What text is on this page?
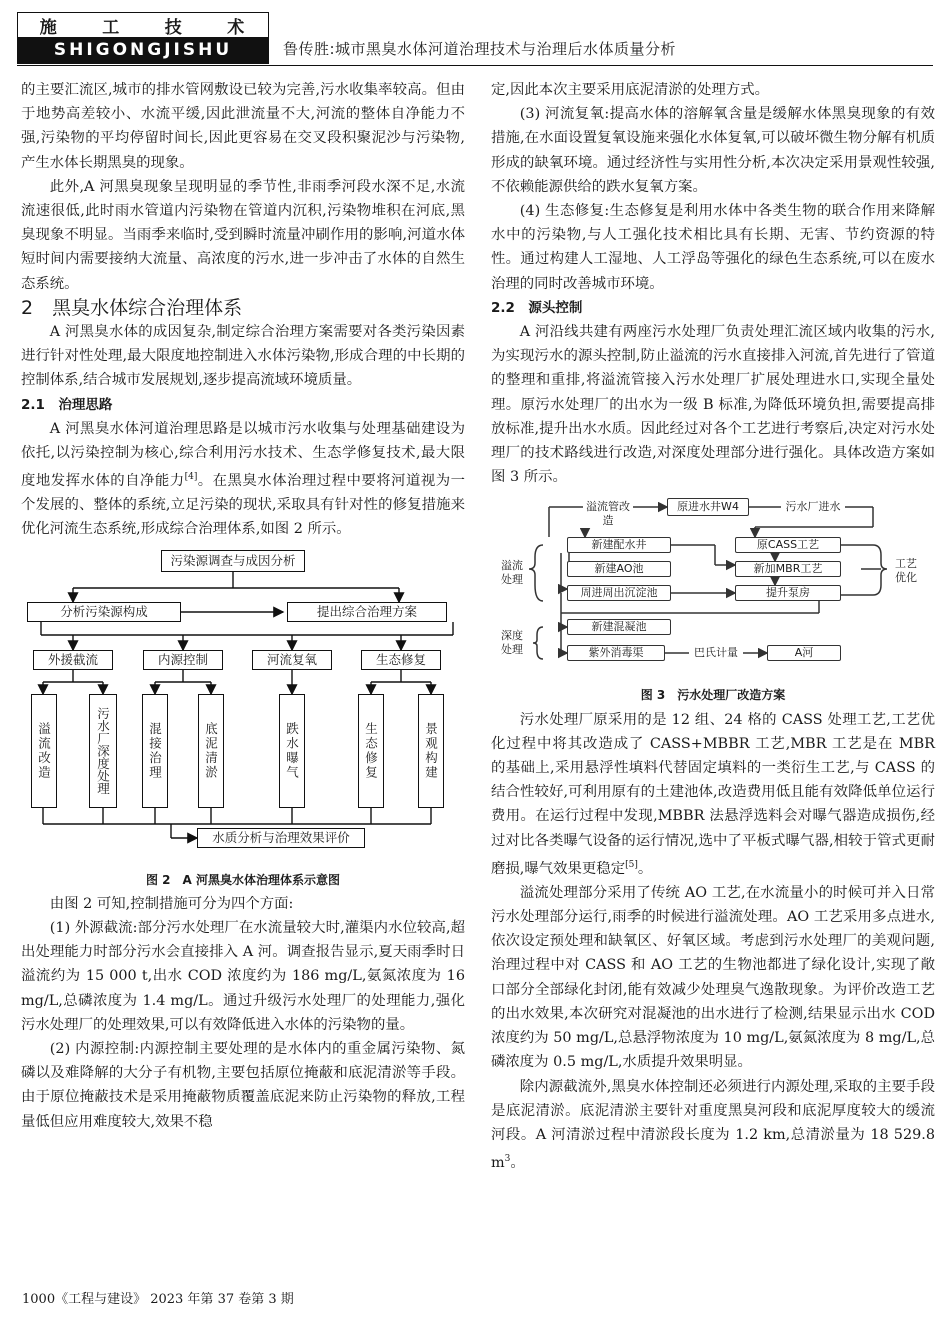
施	工	技	术
SHIGONGJISHU	鲁传胜:城市黑臭水体河道治理技术与治理后水体质量分析

的主要汇流区,城市的排水管网敷设已较为完善,污水收集率较高。但由于地势高差较小、水流平缓,因此泄流量不大,河流的整体自净能力不强,污染物的平均停留时间长,因此更容易在交叉段积聚泥沙与污染物,产生水体长期黑臭的现象。

此外,A 河黑臭现象呈现明显的季节性,非雨季河段水深不足,水流流速很低,此时雨水管道内污染物在管道内沉积,污染物堆积在河底,黑臭现象不明显。当雨季来临时,受到瞬时流量冲刷作用的影响,河道水体短时间内需要接纳大流量、高浓度的污水,进一步冲击了水体的自然生态系统。

2　黑臭水体综合治理体系

A 河黑臭水体的成因复杂,制定综合治理方案需要对各类污染因素进行针对性处理,最大限度地控制进入水体污染物,形成合理的中长期的控制体系,结合城市发展规划,逐步提高流域环境质量。

2.1　治理思路

A 河黑臭水体河道治理思路是以城市污水收集与处理基础建设为依托,以污染控制为核心,综合利用污水技术、生态学修复技术,最大限度地发挥水体的自净能力[4]。在黑臭水体治理过程中要将河道视为一个发展的、整体的系统,立足污染的现状,采取具有针对性的修复措施来优化河流生态系统,形成综合治理体系,如图 2 所示。

污染源调查与成因分析
分析污染源构成	提出综合治理方案
外援截流	内源控制	河流复氧	生态修复
溢流改造	污水厂深度处理	混接治理	底泥清淤	跌水曝气	生态修复	景观构建
水质分析与治理效果评价

图 2　A 河黑臭水体治理体系示意图

由图 2 可知,控制措施可分为四个方面:

(1) 外源截流:部分污水处理厂在水流量较大时,灌渠内水位较高,超出处理能力时部分污水会直接排入 A 河。调查报告显示,夏天雨季时日溢流约为 15 000 t,出水 COD 浓度约为 186 mg/L,氨氮浓度为 16 mg/L,总磷浓度为 1.4 mg/L。通过升级污水处理厂的处理能力,强化污水处理厂的处理效果,可以有效降低进入水体的污染物的量。

(2) 内源控制:内源控制主要处理的是水体内的重金属污染物、氮磷以及难降解的大分子有机物,主要包括原位掩蔽和底泥清淤等手段。由于原位掩蔽技术是采用掩蔽物质覆盖底泥来防止污染物的释放,工程量低但应用难度较大,效果不稳

定,因此本次主要采用底泥清淤的处理方式。

(3) 河流复氧:提高水体的溶解氧含量是缓解水体黑臭现象的有效措施,在水面设置复氧设施来强化水体复氧,可以破坏微生物分解有机质形成的缺氧环境。通过经济性与实用性分析,本次决定采用景观性较强,不依赖能源供给的跌水复氧方案。

(4) 生态修复:生态修复是利用水体中各类生物的联合作用来降解水中的污染物,与人工强化技术相比具有长期、无害、节约资源的特性。通过构建人工湿地、人工浮岛等强化的绿色生态系统,可以在废水治理的同时改善城市环境。

2.2　源头控制

A 河沿线共建有两座污水处理厂负责处理汇流区域内收集的污水,为实现污水的源头控制,防止溢流的污水直接排入河流,首先进行了管道的整理和重排,将溢流管接入污水处理厂扩展处理进水口,实现全量处理。原污水处理厂的出水为一级 B 标准,为降低环境负担,需要提高排放标准,提升出水水质。因此经过对各个工艺进行考察后,决定对污水处理厂的技术路线进行改造,对深度处理部分进行强化。具体改造方案如图 3 所示。

溢流管改造
原进水井W4	污水厂进水
新建配水井
新建AO池
周进周出沉淀池
原CASS工艺
新加MBR工艺
提升泵房
新建混凝池
紫外消毒渠	巴氏计量	A河
溢流
处理
深度
处理
工艺
优化

图 3　污水处理厂改造方案

污水处理厂原采用的是 12 组、24 格的 CASS 处理工艺,工艺优化过程中将其改造成了 CASS+MBBR 工艺,MBR 工艺是在 MBR 的基础上,采用悬浮性填料代替固定填料的一类衍生工艺,与 CASS 的结合性较好,可利用原有的土建池体,改造费用低且能有效降低单位运行费用。在运行过程中发现,MBBR 法悬浮选料会对曝气器造成损伤,经过对比各类曝气设备的运行情况,选中了平板式曝气器,相较于管式更耐磨损,曝气效果更稳定[5]。

溢流处理部分采用了传统 AO 工艺,在水流量小的时候可并入日常污水处理部分运行,雨季的时候进行溢流处理。AO 工艺采用多点进水,依次设定预处理和缺氧区、好氧区域。考虑到污水处理厂的美观问题,治理过程中对 CASS 和 AO 工艺的生物池都进了绿化设计,实现了敞口部分全部绿化封闭,能有效减少处理臭气逸散现象。为评价改造工艺的出水效果,本次研究对混凝池的出水进行了检测,结果显示出水 COD 浓度约为 50 mg/L,总悬浮物浓度为 10 mg/L,氨氮浓度为 8 mg/L,总磷浓度为 0.5 mg/L,水质提升效果明显。

除内源截流外,黑臭水体控制还必须进行内源处理,采取的主要手段是底泥清淤。底泥清淤主要针对重度黑臭河段和底泥厚度较大的缓流河段。A 河清淤过程中清淤段长度为 1.2 km,总清淤量为 18 529.8 $m^3$。

1000《工程与建设》 2023 年第 37 卷第 3 期
